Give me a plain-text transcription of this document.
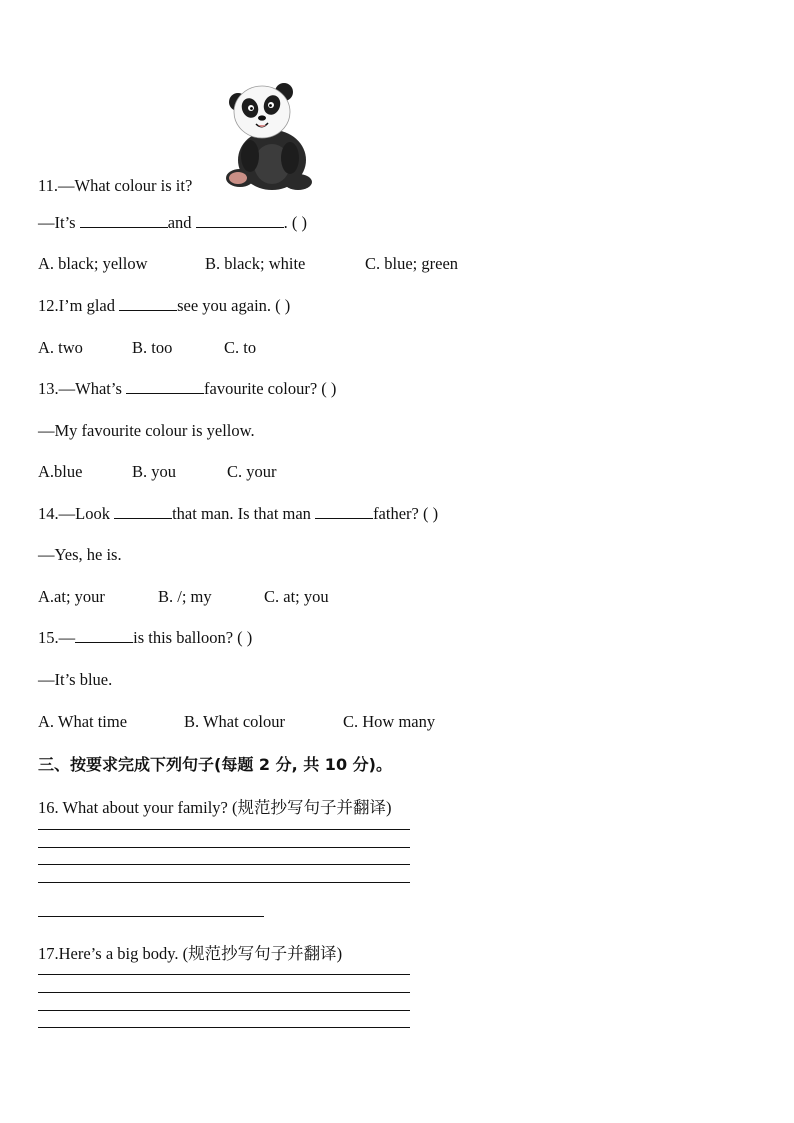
11.—What colour is it?
—It’s	and	. ( )
A. black; yellow	B. black; white	C. blue; green
12.I’m glad	see you again. ( )
A. two	B. too	C. to
13.—What’s	favourite colour? ( )
—My favourite colour is yellow.
A.blue	B. you	C. your
14.—Look	that man. Is that man	father? ( )
—Yes, he is.
A.at; your	B. /; my	C. at; you
15.—	is this balloon? ( )
—It’s blue.
A. What time	B. What colour	C. How many
三、按要求完成下列句子(每题 2 分, 共 10 分)。
16. What about your family? (规范抄写句子并翻译)
17.Here’s a big body. (规范抄写句子并翻译)
